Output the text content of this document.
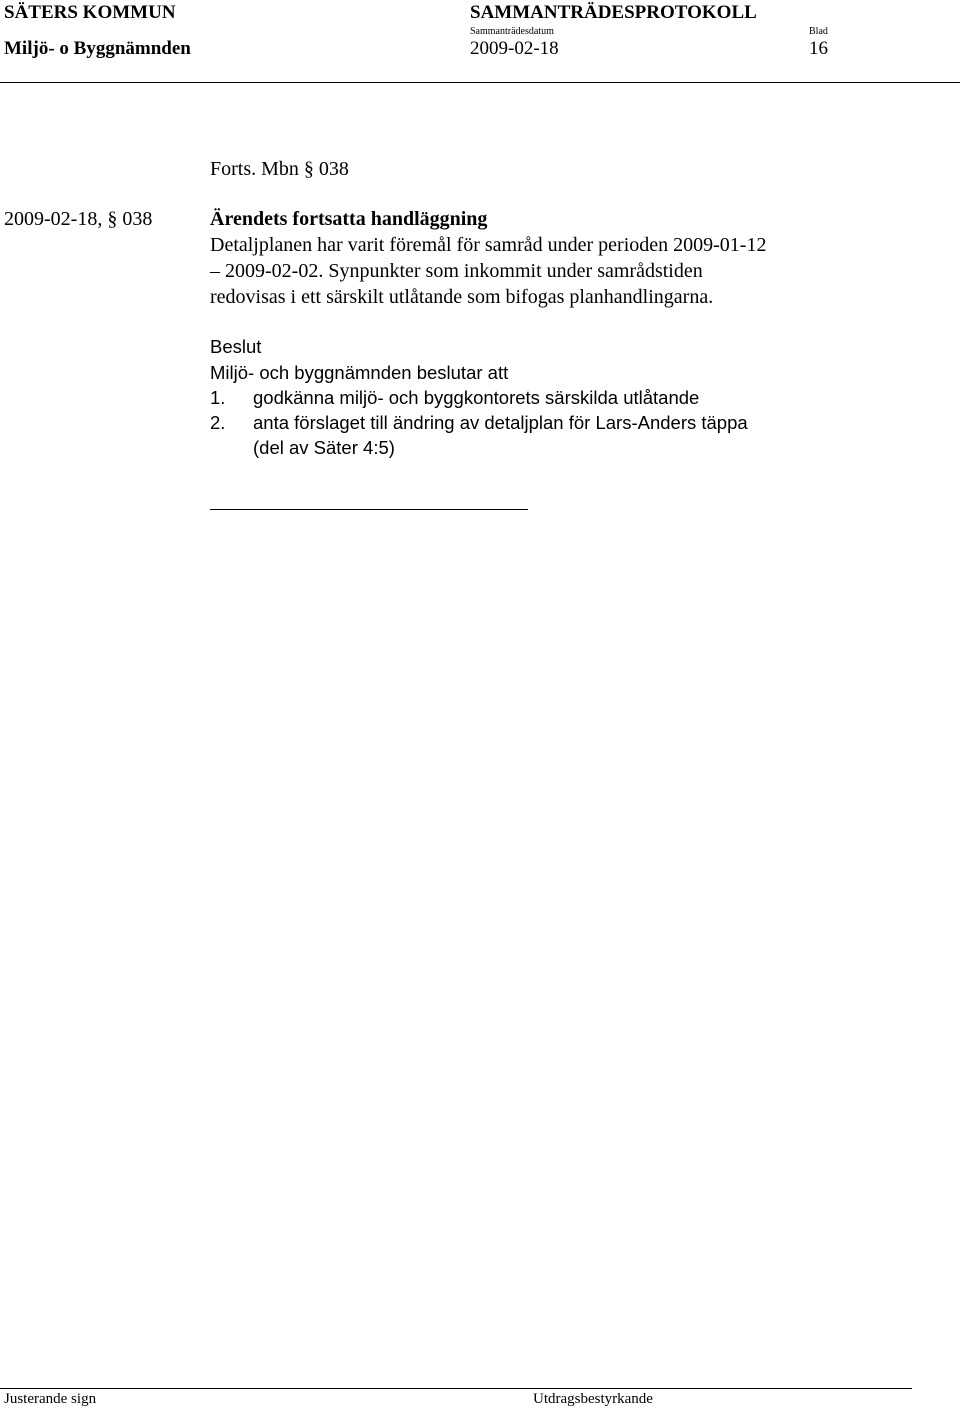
SÄTERS KOMMUN
Miljö- o Byggnämnden
SAMMANTRÄDESPROTOKOLL
Sammanträdesdatum
2009-02-18
Blad
16
Forts. Mbn § 038
2009-02-18, § 038	Ärendets fortsatta handläggning
Detaljplanen har varit föremål för samråd under perioden 2009-01-12
– 2009-02-02. Synpunkter som inkommit under samrådstiden
redovisas i ett särskilt utlåtande som bifogas planhandlingarna.
Beslut
Miljö- och byggnämnden beslutar att
1. godkänna miljö- och byggkontorets särskilda utlåtande
2. anta förslaget till ändring av detaljplan för Lars-Anders täppa
(del av Säter 4:5)
Justerande sign	Utdragsbestyrkande
